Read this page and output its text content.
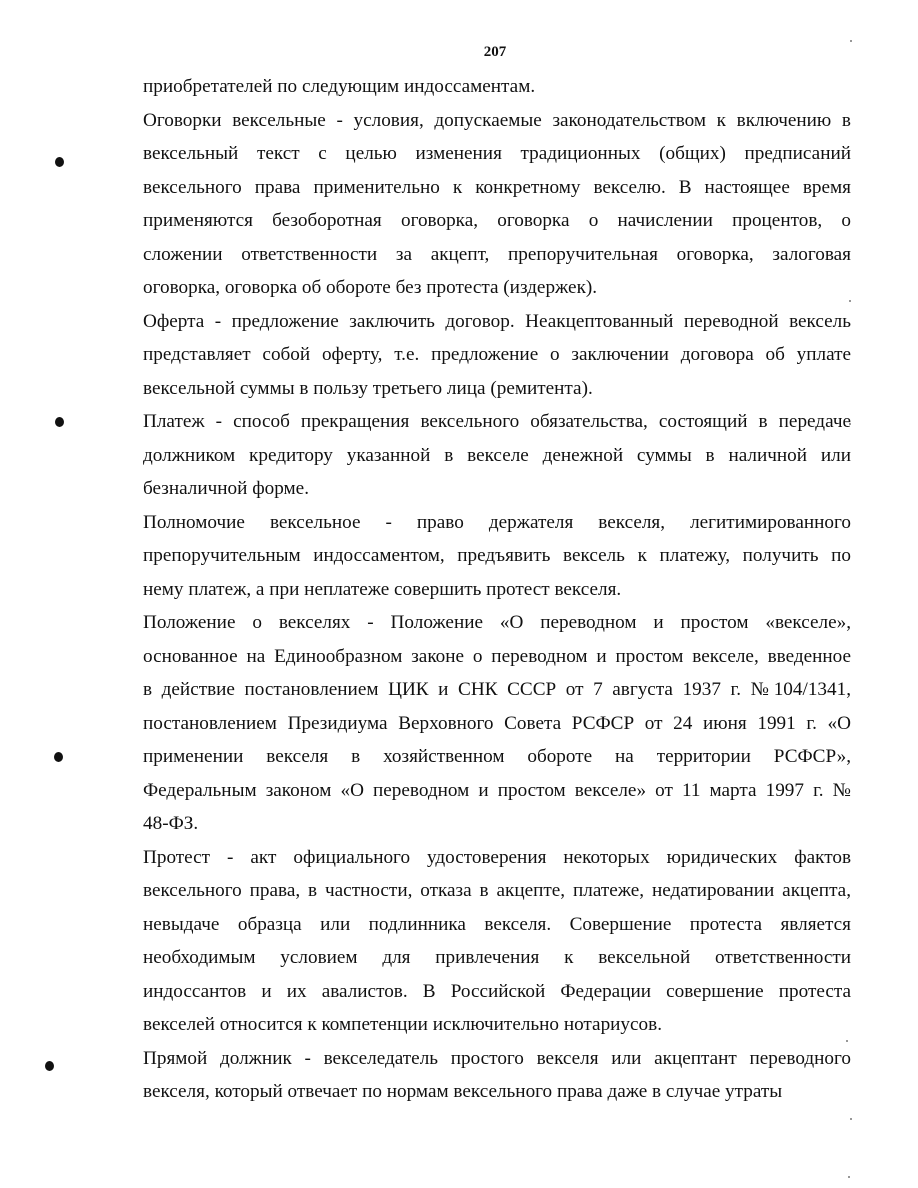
207

приобретателей по следующим индоссаментам.

Оговорки вексельные - условия, допускаемые законодательством к включению в
вексельный текст с целью изменения традиционных (общих) предписаний
вексельного права применительно к конкретному векселю. В настоящее время
применяются безоборотная оговорка, оговорка о начислении процентов, о
сложении ответственности за акцепт, препоручительная оговорка, залоговая
оговорка, оговорка об обороте без протеста (издержек).

Оферта - предложение заключить договор. Неакцептованный переводной вексель
представляет собой оферту, т.е. предложение о заключении договора об уплате
вексельной суммы в пользу третьего лица (ремитента).

Платеж - способ прекращения вексельного обязательства, состоящий в передаче
должником кредитору указанной в векселе денежной суммы в наличной или
безналичной форме.

Полномочие вексельное - право держателя векселя, легитимированного
препоручительным индоссаментом, предъявить вексель к платежу, получить по
нему платеж, а при неплатеже совершить протест векселя.

Положение о векселях - Положение «О переводном и простом «векселе»,
основанное на Единообразном законе о переводном и простом векселе, введенное
в действие постановлением ЦИК и СНК СССР от 7 августа 1937 г. №104/1341,
постановлением Президиума Верховного Совета РСФСР от 24 июня 1991 г. «О
применении векселя в хозяйственном обороте на территории РСФСР»,
Федеральным законом «О переводном и простом векселе» от 11 марта 1997 г. №
48-ФЗ.

Протест - акт официального удостоверения некоторых юридических фактов
вексельного права, в частности, отказа в акцепте, платеже, недатировании акцепта,
невыдаче образца или подлинника векселя. Совершение протеста является
необходимым условием для привлечения к вексельной ответственности
индоссантов и их авалистов. В Российской Федерации совершение протеста
векселей относится к компетенции исключительно нотариусов.

Прямой должник - векселедатель простого векселя или акцептант переводного
векселя, который отвечает по нормам вексельного права даже в случае утраты
